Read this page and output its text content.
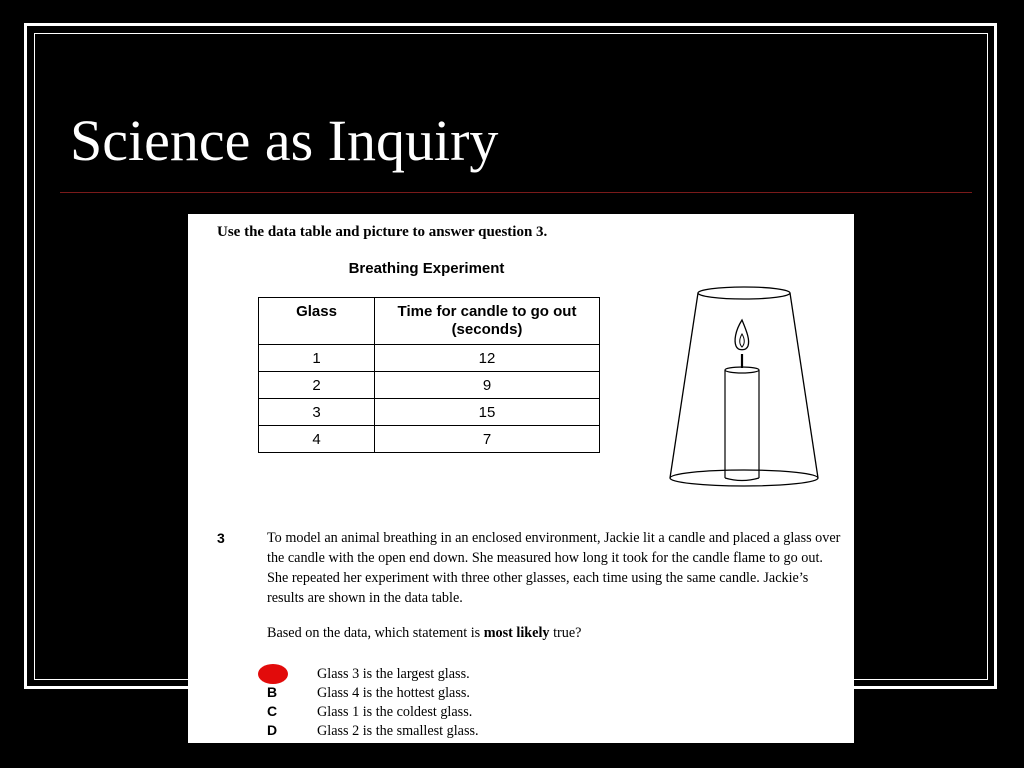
Science as Inquiry
Use the data table and picture to answer question 3.
Breathing Experiment
Glass	Time for candle to go out (seconds)
1	12
2	9
3	15
4	7
3	To model an animal breathing in an enclosed environment, Jackie lit a candle and placed a glass over the candle with the open end down. She measured how long it took for the candle flame to go out. She repeated her experiment with three other glasses, each time using the same candle. Jackie’s results are shown in the data table.
Based on the data, which statement is most likely true?
Glass 3 is the largest glass.
B	Glass 4 is the hottest glass.
C	Glass 1 is the coldest glass.
D	Glass 2 is the smallest glass.
